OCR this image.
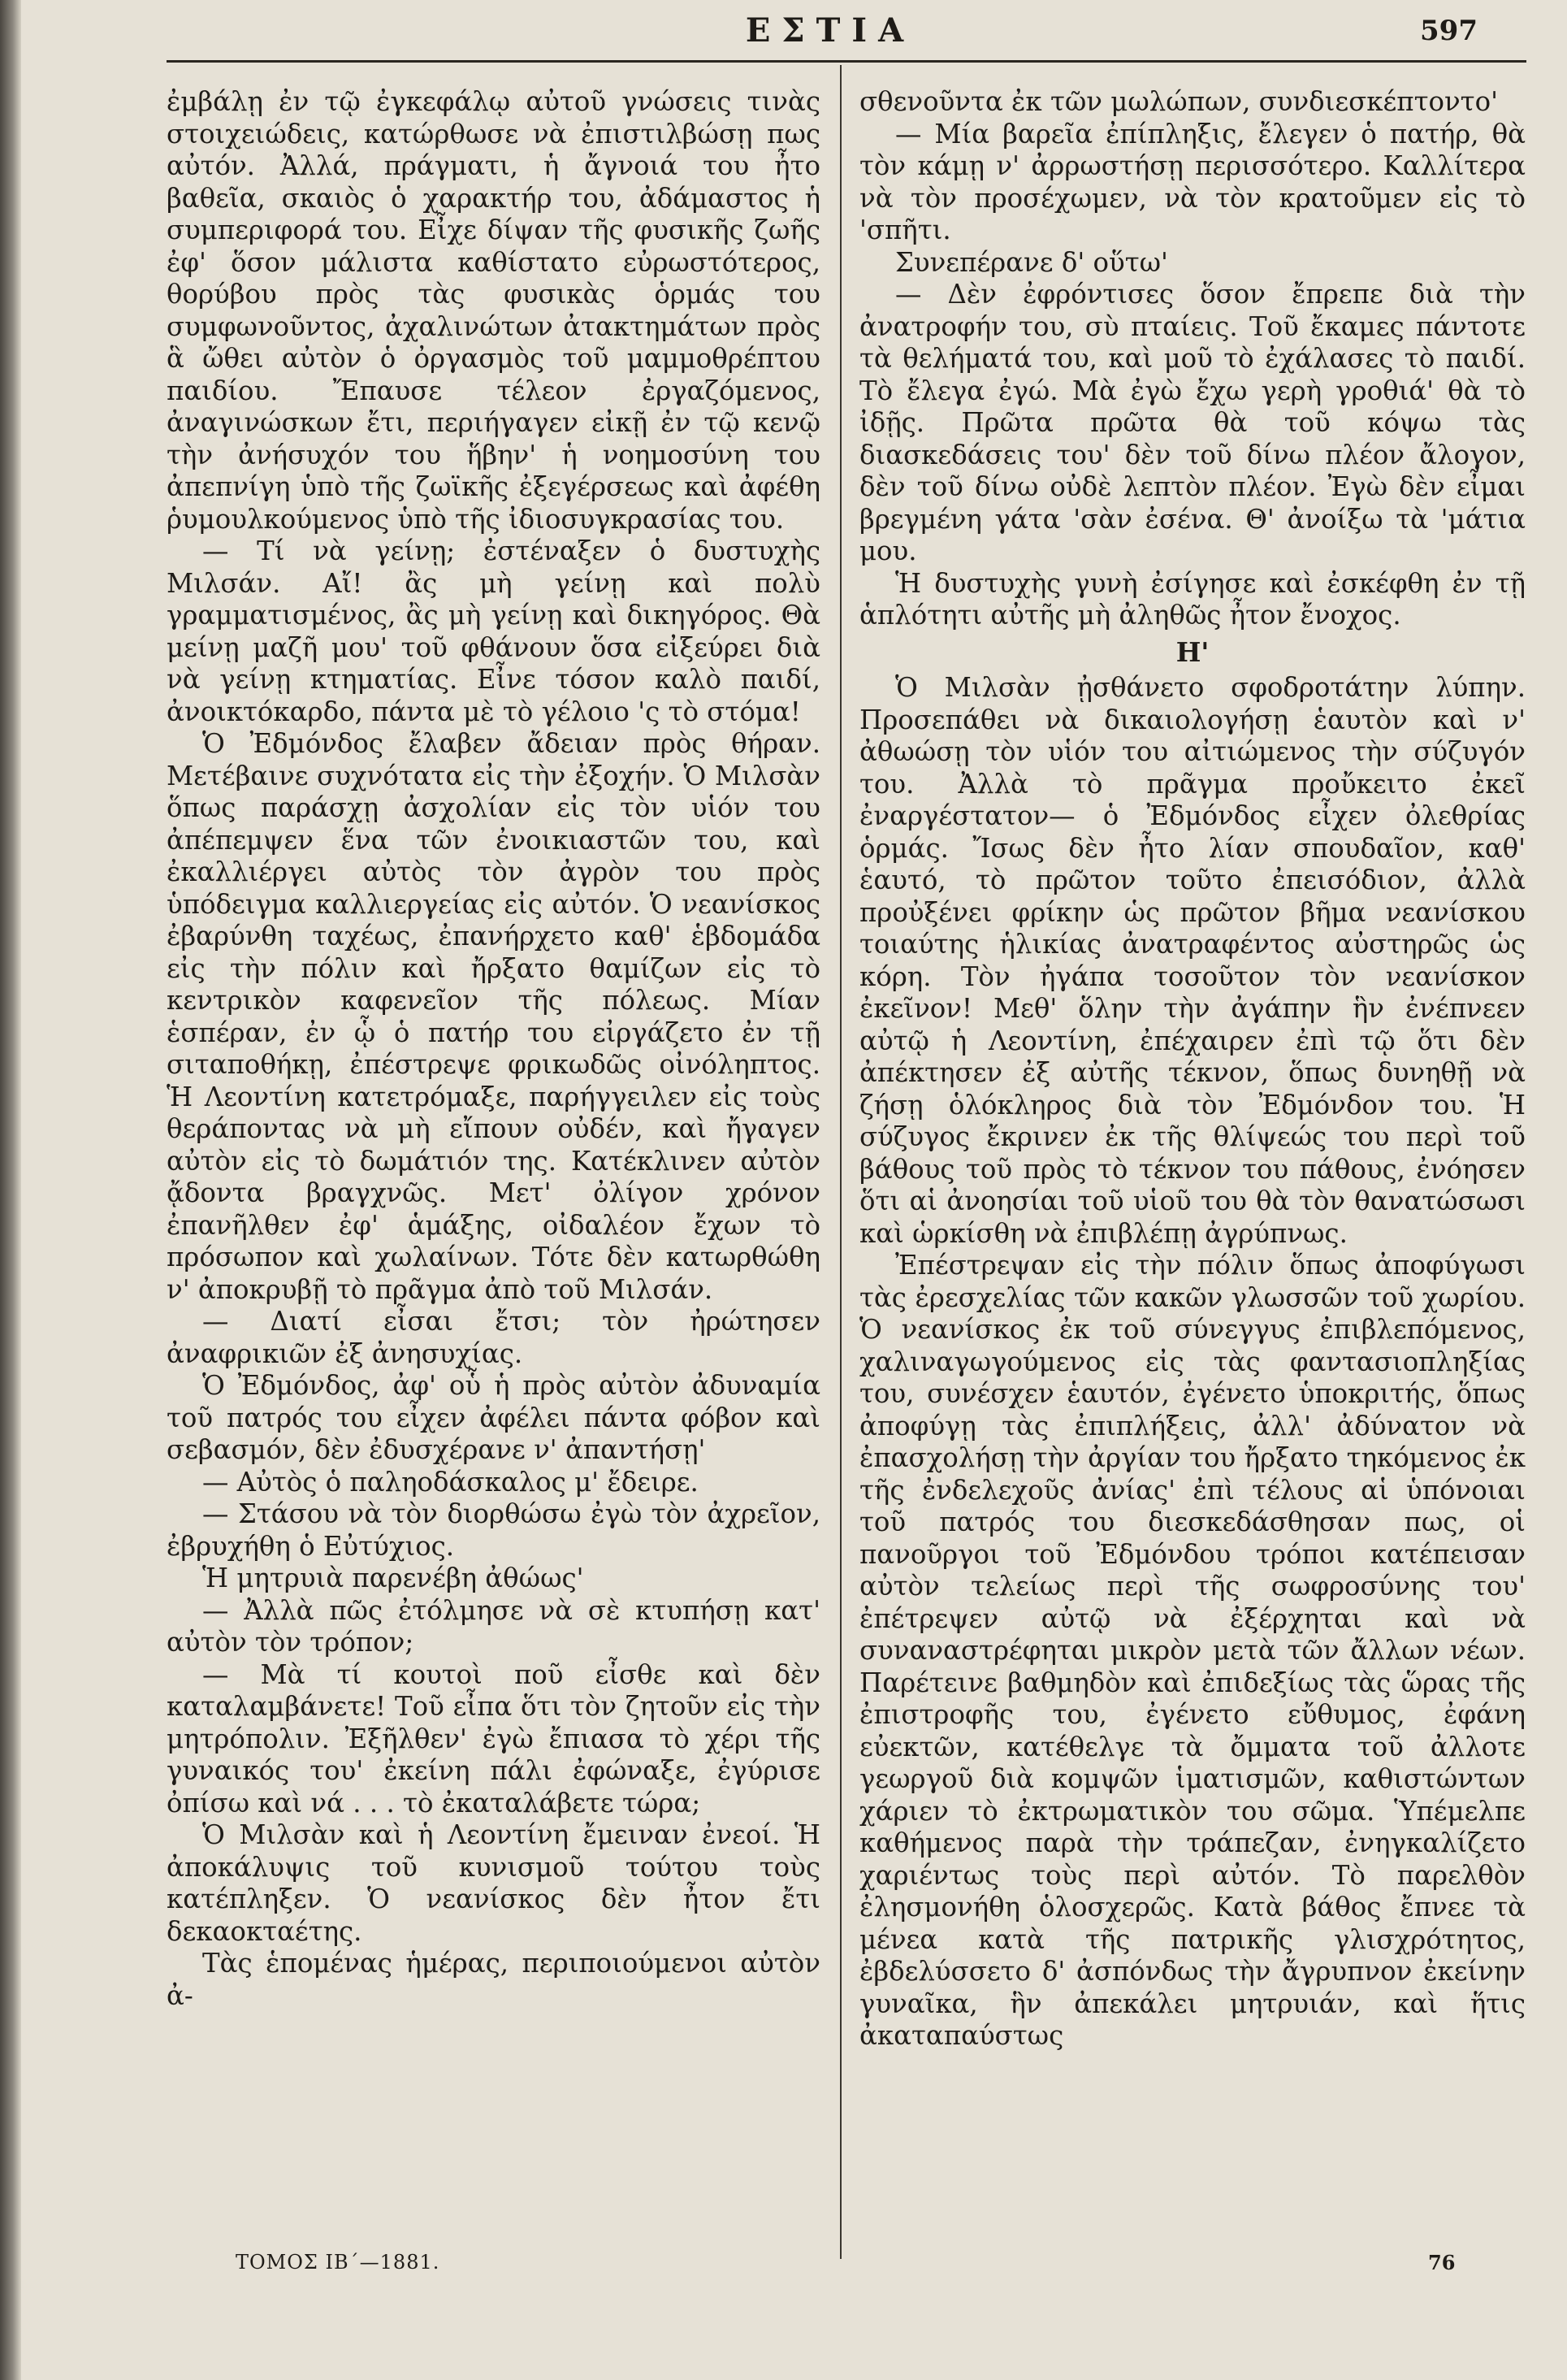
ΕΣΤΙΑ	597

ἐμβάλῃ ἐν τῷ ἐγκεφάλῳ αὐτοῦ γνώσεις τινὰς στοιχειώδεις, κατώρθωσε νὰ ἐπιστιλβώσῃ πως αὐτόν. Ἀλλά, πράγματι, ἡ ἄγνοιά του ἦτο βαθεῖα, σκαιὸς ὁ χαρακτήρ του, ἀδάμαστος ἡ συμπεριφορά του. Εἶχε δίψαν τῆς φυσικῆς ζωῆς ἐφ' ὅσον μάλιστα καθίστατο εὐρωστότερος, θορύβου πρὸς τὰς φυσικὰς ὁρμάς του συμφωνοῦντος, ἀχαλινώτων ἀτακτημάτων πρὸς ἃ ὤθει αὐτὸν ὁ ὀργασμὸς τοῦ μαμμοθρέπτου παιδίου. Ἔπαυσε τέλεον ἐργαζόμενος, ἀναγινώσκων ἔτι, περιήγαγεν εἰκῇ ἐν τῷ κενῷ τὴν ἀνήσυχόν του ἥβην' ἡ νοημοσύνη του ἀπεπνίγη ὑπὸ τῆς ζωϊκῆς ἐξεγέρσεως καὶ ἀφέθη ῥυμουλκούμενος ὑπὸ τῆς ἰδιοσυγκρασίας του.

— Τί νὰ γείνῃ; ἐστέναξεν ὁ δυστυχὴς Μιλσάν. Αἴ! ἂς μὴ γείνῃ καὶ πολὺ γραμματισμένος, ἂς μὴ γείνῃ καὶ δικηγόρος. Θὰ μείνῃ μαζῆ μου' τοῦ φθάνουν ὅσα εἰξεύρει διὰ νὰ γείνῃ κτηματίας. Εἶνε τόσον καλὸ παιδί, ἀνοικτόκαρδο, πάντα μὲ τὸ γέλοιο 'ς τὸ στόμα!

Ὁ Ἐδμόνδος ἔλαβεν ἄδειαν πρὸς θήραν. Μετέβαινε συχνότατα εἰς τὴν ἐξοχήν. Ὁ Μιλσὰν ὅπως παράσχῃ ἀσχολίαν εἰς τὸν υἱόν του ἀπέπεμψεν ἕνα τῶν ἐνοικιαστῶν του, καὶ ἐκαλλιέργει αὐτὸς τὸν ἀγρὸν του πρὸς ὑπόδειγμα καλλιεργείας εἰς αὐτόν. Ὁ νεανίσκος ἐβαρύνθη ταχέως, ἐπανήρχετο καθ' ἑβδομάδα εἰς τὴν πόλιν καὶ ἤρξατο θαμίζων εἰς τὸ κεντρικὸν καφενεῖον τῆς πόλεως. Μίαν ἑσπέραν, ἐν ᾧ ὁ πατήρ του εἰργάζετο ἐν τῇ σιταποθήκῃ, ἐπέστρεψε φρικωδῶς οἰνόληπτος. Ἡ Λεοντίνη κατετρόμαξε, παρήγγειλεν εἰς τοὺς θεράποντας νὰ μὴ εἴπουν οὐδέν, καὶ ἤγαγεν αὐτὸν εἰς τὸ δωμάτιόν της. Κατέκλινεν αὐτὸν ᾄδοντα βραγχνῶς. Μετ' ὀλίγον χρόνον ἐπανῆλθεν ἐφ' ἁμάξης, οἰδαλέον ἔχων τὸ πρόσωπον καὶ χωλαίνων. Τότε δὲν κατωρθώθη ν' ἀποκρυβῇ τὸ πρᾶγμα ἀπὸ τοῦ Μιλσάν.

— Διατί εἶσαι ἔτσι; τὸν ἠρώτησεν ἀναφρικιῶν ἐξ ἀνησυχίας.

Ὁ Ἐδμόνδος, ἀφ' οὗ ἡ πρὸς αὐτὸν ἀδυναμία τοῦ πατρός του εἶχεν ἀφέλει πάντα φόβον καὶ σεβασμόν, δὲν ἐδυσχέρανε ν' ἀπαντήσῃ'

— Αὐτὸς ὁ παληοδάσκαλος μ' ἔδειρε.

— Στάσου νὰ τὸν διορθώσω ἐγὼ τὸν ἀχρεῖον, ἐβρυχήθη ὁ Εὐτύχιος.

Ἡ μητρυιὰ παρενέβη ἀθώως'

— Ἀλλὰ πῶς ἐτόλμησε νὰ σὲ κτυπήσῃ κατ' αὐτὸν τὸν τρόπον;

— Μὰ τί κουτοὶ ποῦ εἶσθε καὶ δὲν καταλαμβάνετε! Τοῦ εἶπα ὅτι τὸν ζητοῦν εἰς τὴν μητρόπολιν. Ἐξῆλθεν' ἐγὼ ἔπιασα τὸ χέρι τῆς γυναικός του' ἐκείνη πάλι ἐφώναξε, ἐγύρισε ὀπίσω καὶ νά . . . τὸ ἐκαταλάβετε τώρα;

Ὁ Μιλσὰν καὶ ἡ Λεοντίνη ἔμειναν ἐνεοί. Ἡ ἀποκάλυψις τοῦ κυνισμοῦ τούτου τοὺς κατέπληξεν. Ὁ νεανίσκος δὲν ἦτον ἔτι δεκαοκταέτης.

Τὰς ἑπομένας ἡμέρας, περιποιούμενοι αὐτὸν ἀ-

σθενοῦντα ἐκ τῶν μωλώπων, συνδιεσκέπτοντο'

— Μία βαρεῖα ἐπίπληξις, ἔλεγεν ὁ πατήρ, θὰ τὸν κάμῃ ν' ἀρρωστήσῃ περισσότερο. Καλλίτερα νὰ τὸν προσέχωμεν, νὰ τὸν κρατοῦμεν εἰς τὸ 'σπῆτι.

Συνεπέρανε δ' οὕτω'

— Δὲν ἐφρόντισες ὅσον ἔπρεπε διὰ τὴν ἀνατροφήν του, σὺ πταίεις. Τοῦ ἔκαμες πάντοτε τὰ θελήματά του, καὶ μοῦ τὸ ἐχάλασες τὸ παιδί. Τὸ ἔλεγα ἐγώ. Μὰ ἐγὼ ἔχω γερὴ γροθιά' θὰ τὸ ἰδῇς. Πρῶτα πρῶτα θὰ τοῦ κόψω τὰς διασκεδάσεις του' δὲν τοῦ δίνω πλέον ἄλογον, δὲν τοῦ δίνω οὐδὲ λεπτὸν πλέον. Ἐγὼ δὲν εἶμαι βρεγμένη γάτα 'σὰν ἐσένα. Θ' ἀνοίξω τὰ 'μάτια μου.

Ἡ δυστυχὴς γυνὴ ἐσίγησε καὶ ἐσκέφθη ἐν τῇ ἁπλότητι αὐτῆς μὴ ἀληθῶς ἦτον ἔνοχος.

Η'

Ὁ Μιλσὰν ᾐσθάνετο σφοδροτάτην λύπην. Προσεπάθει νὰ δικαιολογήσῃ ἑαυτὸν καὶ ν' ἀθωώσῃ τὸν υἱόν του αἰτιώμενος τὴν σύζυγόν του. Ἀλλὰ τὸ πρᾶγμα προὔκειτο ἐκεῖ ἐναργέστατον— ὁ Ἐδμόνδος εἶχεν ὀλεθρίας ὁρμάς. Ἴσως δὲν ἦτο λίαν σπουδαῖον, καθ' ἑαυτό, τὸ πρῶτον τοῦτο ἐπεισόδιον, ἀλλὰ προὐξένει φρίκην ὡς πρῶτον βῆμα νεανίσκου τοιαύτης ἡλικίας ἀνατραφέντος αὐστηρῶς ὡς κόρη. Τὸν ἠγάπα τοσοῦτον τὸν νεανίσκον ἐκεῖνον! Μεθ' ὅλην τὴν ἀγάπην ἣν ἐνέπνεεν αὐτῷ ἡ Λεοντίνη, ἐπέχαιρεν ἐπὶ τῷ ὅτι δὲν ἀπέκτησεν ἐξ αὐτῆς τέκνον, ὅπως δυνηθῇ νὰ ζήσῃ ὁλόκληρος διὰ τὸν Ἐδμόνδον του. Ἡ σύζυγος ἔκρινεν ἐκ τῆς θλίψεώς του περὶ τοῦ βάθους τοῦ πρὸς τὸ τέκνον του πάθους, ἐνόησεν ὅτι αἱ ἀνοησίαι τοῦ υἱοῦ του θὰ τὸν θανατώσωσι καὶ ὡρκίσθη νὰ ἐπιβλέπῃ ἀγρύπνως.

Ἐπέστρεψαν εἰς τὴν πόλιν ὅπως ἀποφύγωσι τὰς ἐρεσχελίας τῶν κακῶν γλωσσῶν τοῦ χωρίου. Ὁ νεανίσκος ἐκ τοῦ σύνεγγυς ἐπιβλεπόμενος, χαλιναγωγούμενος εἰς τὰς φαντασιοπληξίας του, συνέσχεν ἑαυτόν, ἐγένετο ὑποκριτής, ὅπως ἀποφύγῃ τὰς ἐπιπλήξεις, ἀλλ' ἀδύνατον νὰ ἐπασχολήσῃ τὴν ἀργίαν του ἤρξατο τηκόμενος ἐκ τῆς ἐνδελεχοῦς ἀνίας' ἐπὶ τέλους αἱ ὑπόνοιαι τοῦ πατρός του διεσκεδάσθησαν πως, οἱ πανοῦργοι τοῦ Ἐδμόνδου τρόποι κατέπεισαν αὐτὸν τελείως περὶ τῆς σωφροσύνης του' ἐπέτρεψεν αὐτῷ νὰ ἐξέρχηται καὶ νὰ συναναστρέφηται μικρὸν μετὰ τῶν ἄλλων νέων. Παρέτεινε βαθμηδὸν καὶ ἐπιδεξίως τὰς ὥρας τῆς ἐπιστροφῆς του, ἐγένετο εὔθυμος, ἐφάνη εὐεκτῶν, κατέθελγε τὰ ὄμματα τοῦ ἀλλοτε γεωργοῦ διὰ κομψῶν ἱματισμῶν, καθιστώντων χάριεν τὸ ἐκτρωματικὸν του σῶμα. Ὑπέμελπε καθήμενος παρὰ τὴν τράπεζαν, ἐνηγκαλίζετο χαριέντως τοὺς περὶ αὐτόν. Τὸ παρελθὸν ἐλησμονήθη ὁλοσχερῶς. Κατὰ βάθος ἔπνεε τὰ μένεα κατὰ τῆς πατρικῆς γλισχρότητος, ἐβδελύσσετο δ' ἀσπόνδως τὴν ἄγρυπνον ἐκείνην γυναῖκα, ἣν ἀπεκάλει μητρυιάν, καὶ ἥτις ἀκαταπαύστως

ΤΟΜΟΣ ΙΒ΄—1881.	76
